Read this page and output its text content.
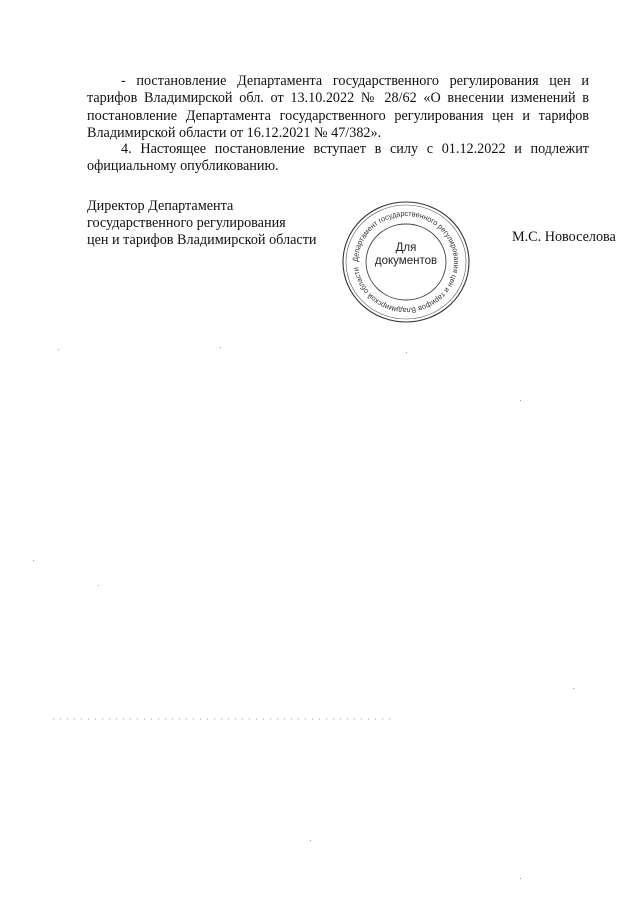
- постановление Департамента государственного регулирования цен и тарифов Владимирской обл. от 13.10.2022 № 28/62 «О внесении изменений в постановление Департамента государственного регулирования цен и тарифов Владимирской области от 16.12.2021 № 47/382».

4. Настоящее постановление вступает в силу с 01.12.2022 и подлежит официальному опубликованию.

Директор Департамента
государственного регулирования
цен и тарифов Владимирской области
Департамент государственного регулирования цен и тарифов Владимирской области
Для
документов
М.С. Новоселова
